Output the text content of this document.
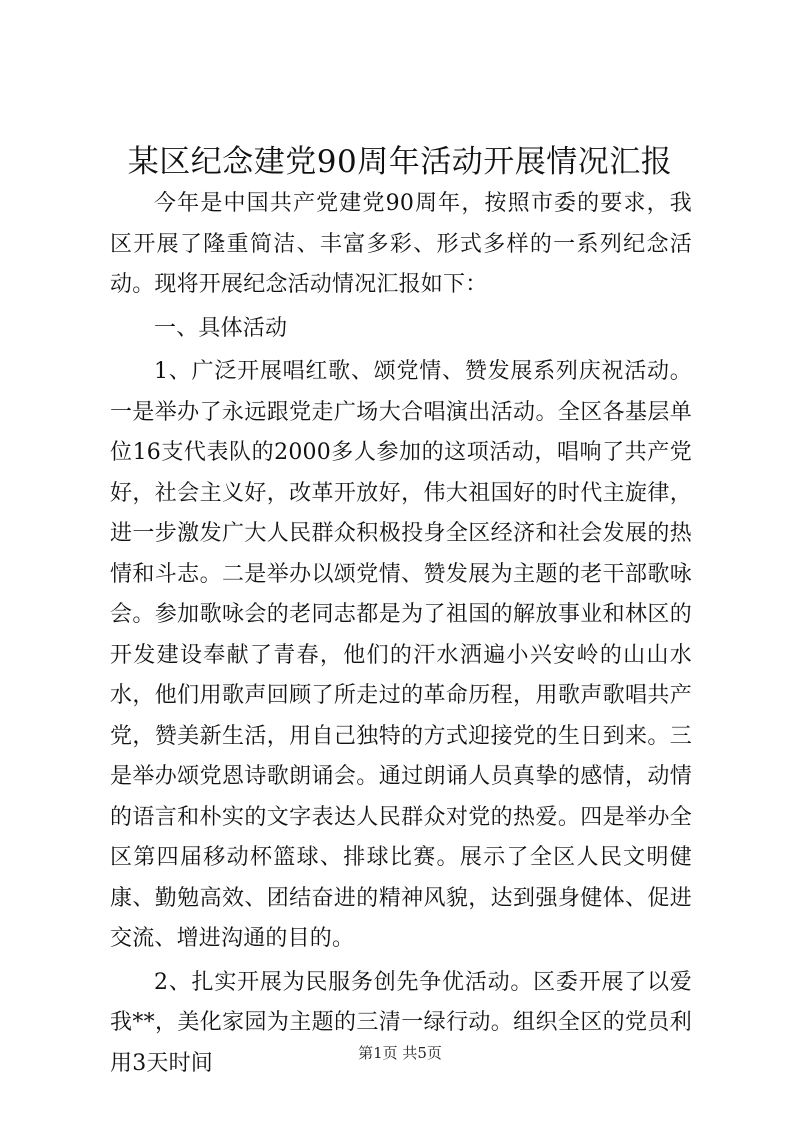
某区纪念建党90周年活动开展情况汇报

今年是中国共产党建党90周年，按照市委的要求，我区开展了隆重简洁、丰富多彩、形式多样的一系列纪念活动。现将开展纪念活动情况汇报如下：

一、具体活动

1、广泛开展唱红歌、颂党情、赞发展系列庆祝活动。一是举办了永远跟党走广场大合唱演出活动。全区各基层单位16支代表队的2000多人参加的这项活动，唱响了共产党好，社会主义好，改革开放好，伟大祖国好的时代主旋律，进一步激发广大人民群众积极投身全区经济和社会发展的热情和斗志。二是举办以颂党情、赞发展为主题的老干部歌咏会。参加歌咏会的老同志都是为了祖国的解放事业和林区的开发建设奉献了青春，他们的汗水洒遍小兴安岭的山山水水，他们用歌声回顾了所走过的革命历程，用歌声歌唱共产党，赞美新生活，用自己独特的方式迎接党的生日到来。三是举办颂党恩诗歌朗诵会。通过朗诵人员真挚的感情，动情的语言和朴实的文字表达人民群众对党的热爱。四是举办全区第四届移动杯篮球、排球比赛。展示了全区人民文明健康、勤勉高效、团结奋进的精神风貌，达到强身健体、促进交流、增进沟通的目的。

2、扎实开展为民服务创先争优活动。区委开展了以爱我**，美化家园为主题的三清一绿行动。组织全区的党员利用3天时间	第1页 共5页
